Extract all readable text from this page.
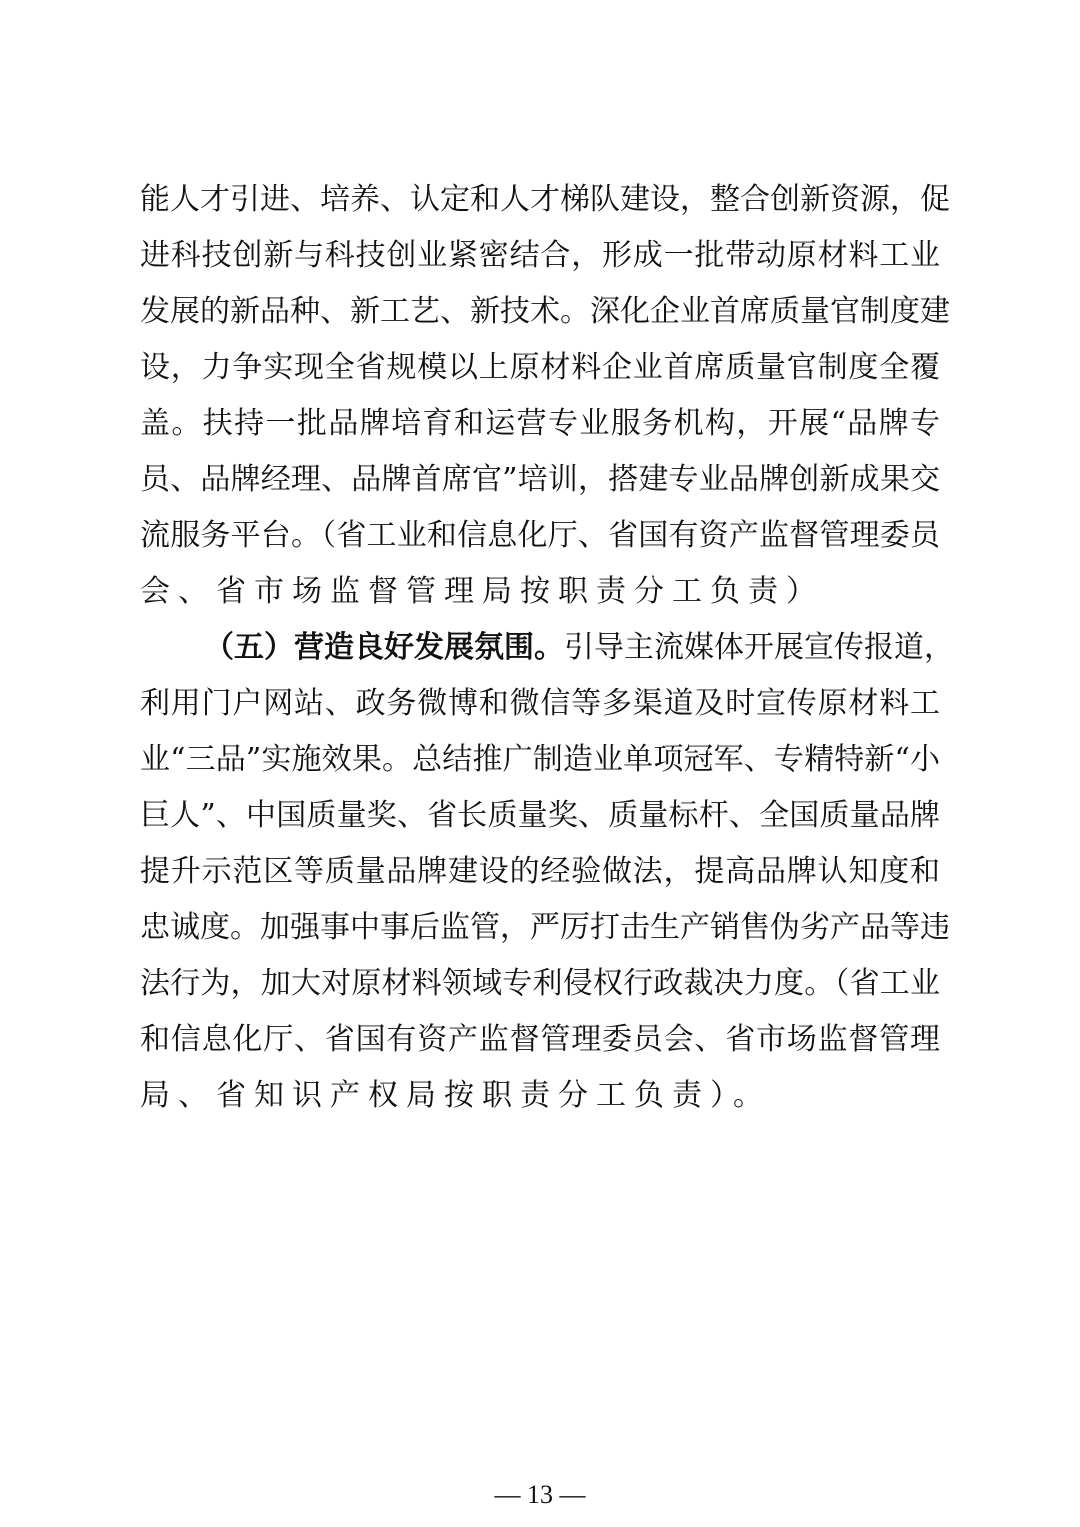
能人才引进、培养、认定和人才梯队建设，整合创新资源，促
进科技创新与科技创业紧密结合，形成一批带动原材料工业
发展的新品种、新工艺、新技术。深化企业首席质量官制度建
设，力争实现全省规模以上原材料企业首席质量官制度全覆
盖。扶持一批品牌培育和运营专业服务机构，开展“品牌专
员、品牌经理、品牌首席官”培训，搭建专业品牌创新成果交
流服务平台。（省工业和信息化厅、省国有资产监督管理委员
会、省市场监督管理局按职责分工负责）
（五）营造良好发展氛围。引导主流媒体开展宣传报道，
利用门户网站、政务微博和微信等多渠道及时宣传原材料工
业“三品”实施效果。总结推广制造业单项冠军、专精特新“小
巨人”、中国质量奖、省长质量奖、质量标杆、全国质量品牌
提升示范区等质量品牌建设的经验做法，提高品牌认知度和
忠诚度。加强事中事后监管，严厉打击生产销售伪劣产品等违
法行为，加大对原材料领域专利侵权行政裁决力度。（省工业
和信息化厅、省国有资产监督管理委员会、省市场监督管理
局、省知识产权局按职责分工负责）。
— 13 —
